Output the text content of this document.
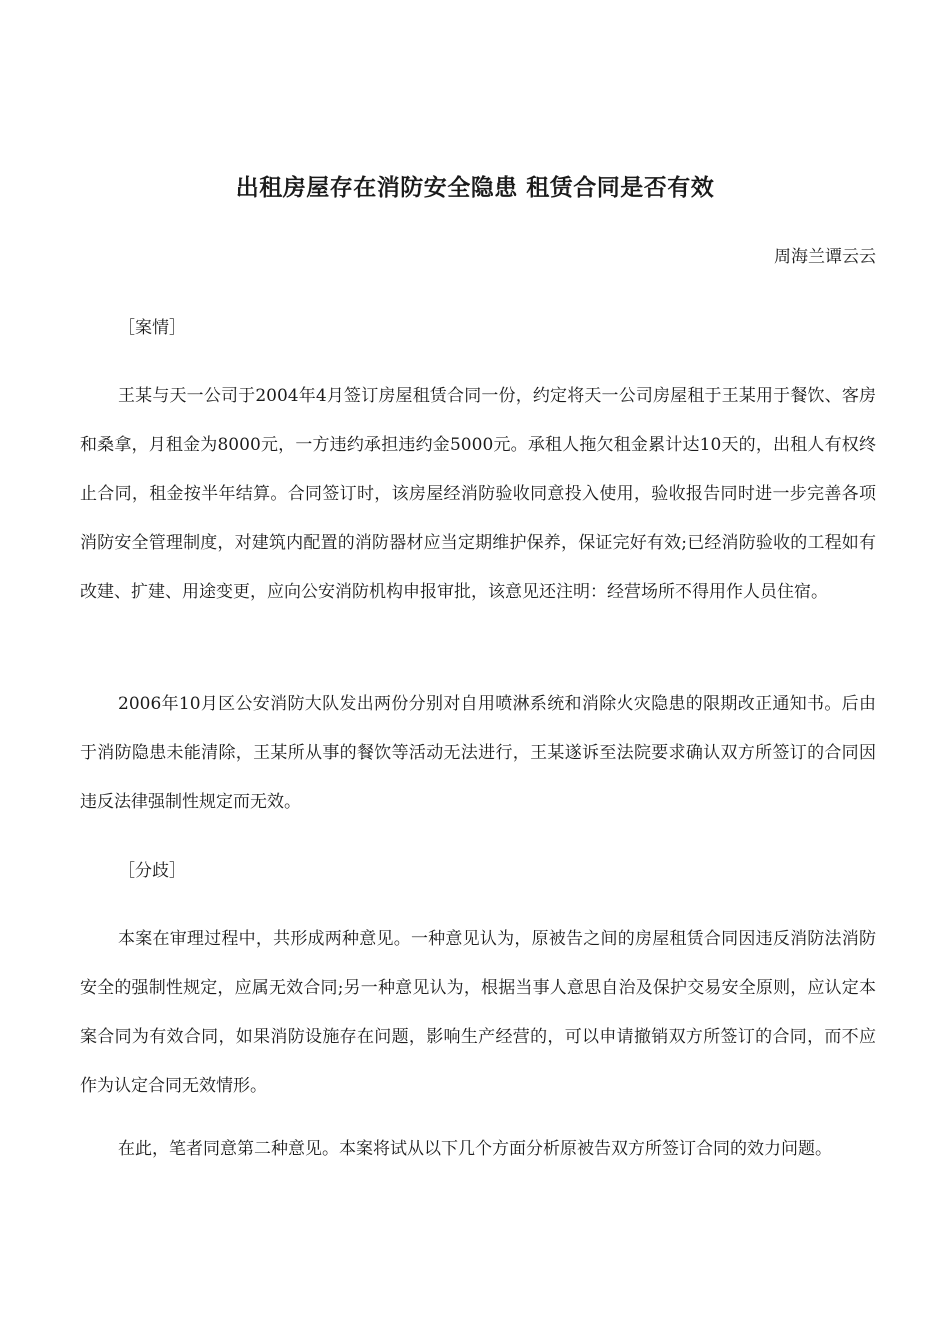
出租房屋存在消防安全隐患 租赁合同是否有效
周海兰谭云云

［案情］

王某与天一公司于2004年4月签订房屋租赁合同一份，约定将天一公司房屋租于王某用于餐饮、客房和桑拿，月租金为8000元，一方违约承担违约金5000元。承租人拖欠租金累计达10天的，出租人有权终止合同，租金按半年结算。合同签订时，该房屋经消防验收同意投入使用，验收报告同时进一步完善各项消防安全管理制度，对建筑内配置的消防器材应当定期维护保养，保证完好有效;已经消防验收的工程如有改建、扩建、用途变更，应向公安消防机构申报审批，该意见还注明：经营场所不得用作人员住宿。

2006年10月区公安消防大队发出两份分别对自用喷淋系统和消除火灾隐患的限期改正通知书。后由于消防隐患未能清除，王某所从事的餐饮等活动无法进行，王某遂诉至法院要求确认双方所签订的合同因违反法律强制性规定而无效。

［分歧］

本案在审理过程中，共形成两种意见。一种意见认为，原被告之间的房屋租赁合同因违反消防法消防安全的强制性规定，应属无效合同;另一种意见认为，根据当事人意思自治及保护交易安全原则，应认定本案合同为有效合同，如果消防设施存在问题，影响生产经营的，可以申请撤销双方所签订的合同，而不应作为认定合同无效情形。

在此，笔者同意第二种意见。本案将试从以下几个方面分析原被告双方所签订合同的效力问题。
